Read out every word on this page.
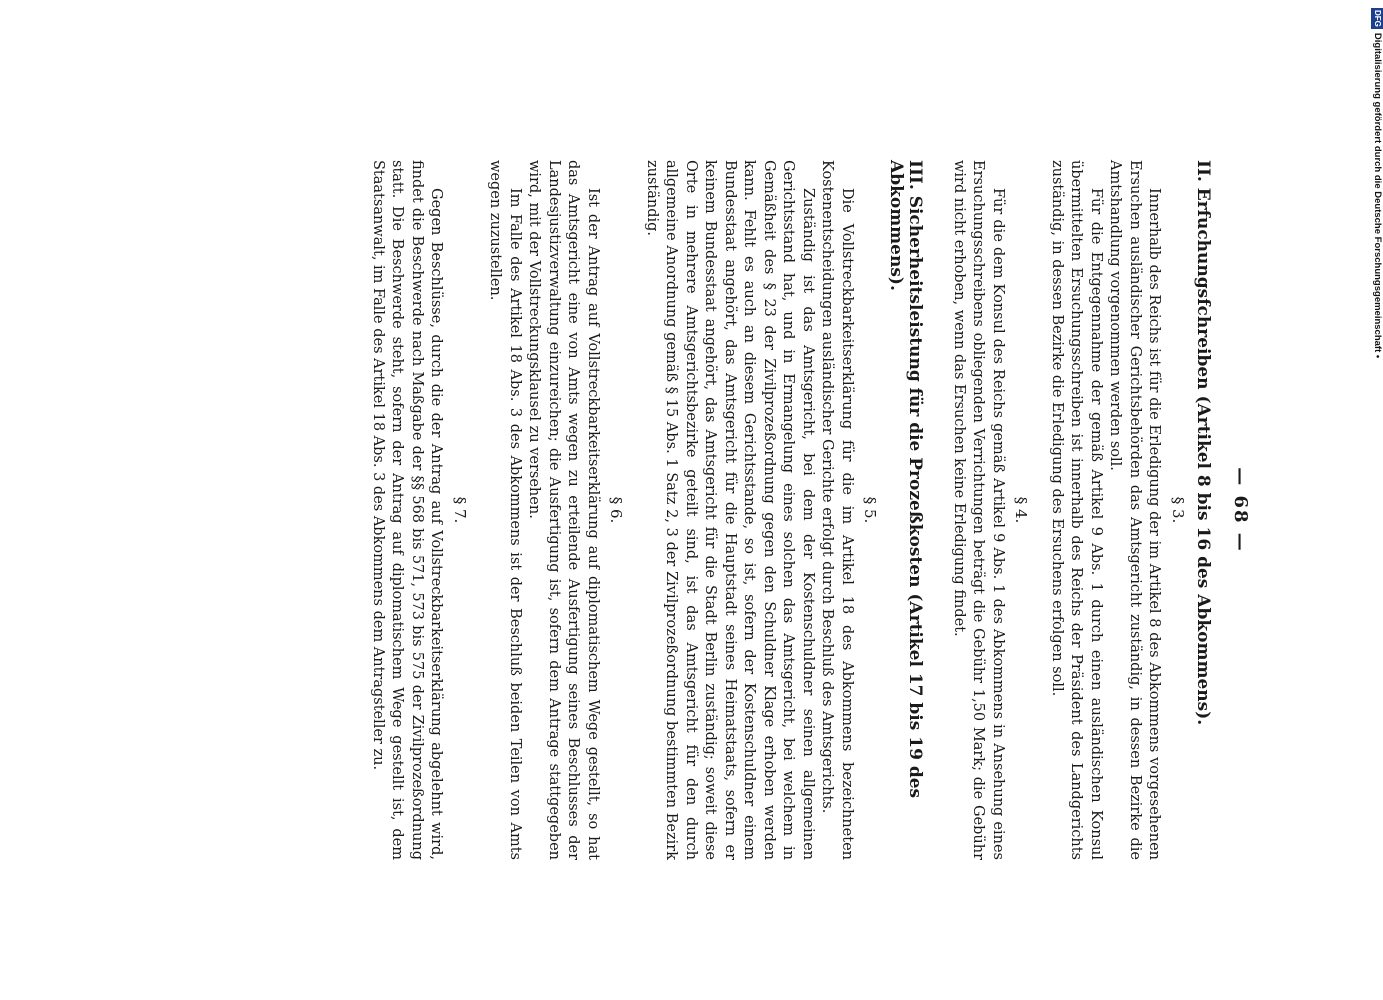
— 68 —
II. Erfuchungsfchreiben (Artikel 8 bis 16 des Abkommens).
§ 3.

Innerhalb des Reichs ist für die Erledigung der im Artikel 8 des Abkommens vorgesehenen Ersuchen ausländischer Gerichtsbehörden das Amtsgericht zuständig, in dessen Bezirke die Amtshandlung vorgenommen werden soll.

Für die Entgegennahme der gemäß Artikel 9 Abs. 1 durch einen ausländischen Konsul übermittelten Ersuchungsschreiben ist innerhalb des Reichs der Präsident des Landgerichts zuständig, in dessen Bezirke die Erledigung des Ersuchens erfolgen soll.

§ 4.

Für die dem Konsul des Reichs gemäß Artikel 9 Abs. 1 des Abkommens in Ansehung eines Ersuchungsschreibens obliegenden Verrichtungen beträgt die Gebühr 1,50 Mark; die Gebühr wird nicht erhoben, wenn das Ersuchen keine Erledigung findet.

III. Sicherheitsleistung für die Prozeßkosten (Artikel 17 bis 19 des Abkommens).
§ 5.

Die Vollstreckbarkeitserklärung für die im Artikel 18 des Abkommens bezeichneten Kostenentscheidungen ausländischer Gerichte erfolgt durch Beschluß des Amtsgerichts.

Zuständig ist das Amtsgericht, bei dem der Kostenschuldner seinen allgemeinen Gerichtsstand hat, und in Ermangelung eines solchen das Amtsgericht, bei welchem in Gemäßheit des § 23 der Zivilprozeßordnung gegen den Schuldner Klage erhoben werden kann. Fehlt es auch an diesem Gerichtsstande, so ist, sofern der Kostenschuldner einem Bundesstaat angehört, das Amtsgericht für die Hauptstadt seines Heimatstaats, sofern er keinem Bundesstaat angehört, das Amtsgericht für die Stadt Berlin zuständig; soweit diese Orte in mehrere Amtsgerichtsbezirke geteilt sind, ist das Amtsgericht für den durch allgemeine Anordnung gemäß § 15 Abs. 1 Satz 2, 3 der Zivilprozeßordnung bestimmten Bezirk zuständig.

§ 6.

Ist der Antrag auf Vollstreckbarkeitserklärung auf diplomatischem Wege gestellt, so hat das Amtsgericht eine von Amts wegen zu erteilende Ausfertigung seines Beschlusses der Landesjustizverwaltung einzureichen; die Ausfertigung ist, sofern dem Antrage stattgegeben wird, mit der Vollstreckungsklausel zu versehen.

Im Falle des Artikel 18 Abs. 3 des Abkommens ist der Beschluß beiden Teilen von Amts wegen zuzustellen.

§ 7.

Gegen Beschlüsse, durch die der Antrag auf Vollstreckbarkeitserklärung abgelehnt wird, findet die Beschwerde nach Maßgabe der §§ 568 bis 571, 573 bis 575 der Zivilprozeßordnung statt. Die Beschwerde steht, sofern der Antrag auf diplomatischem Wege gestellt ist, dem Staatsanwalt, im Falle des Artikel 18 Abs. 3 des Abkommens dem Antragsteller zu.

DFG
Digitalisierung gefördert durch die Deutsche Forschungsgemeinschaft •
